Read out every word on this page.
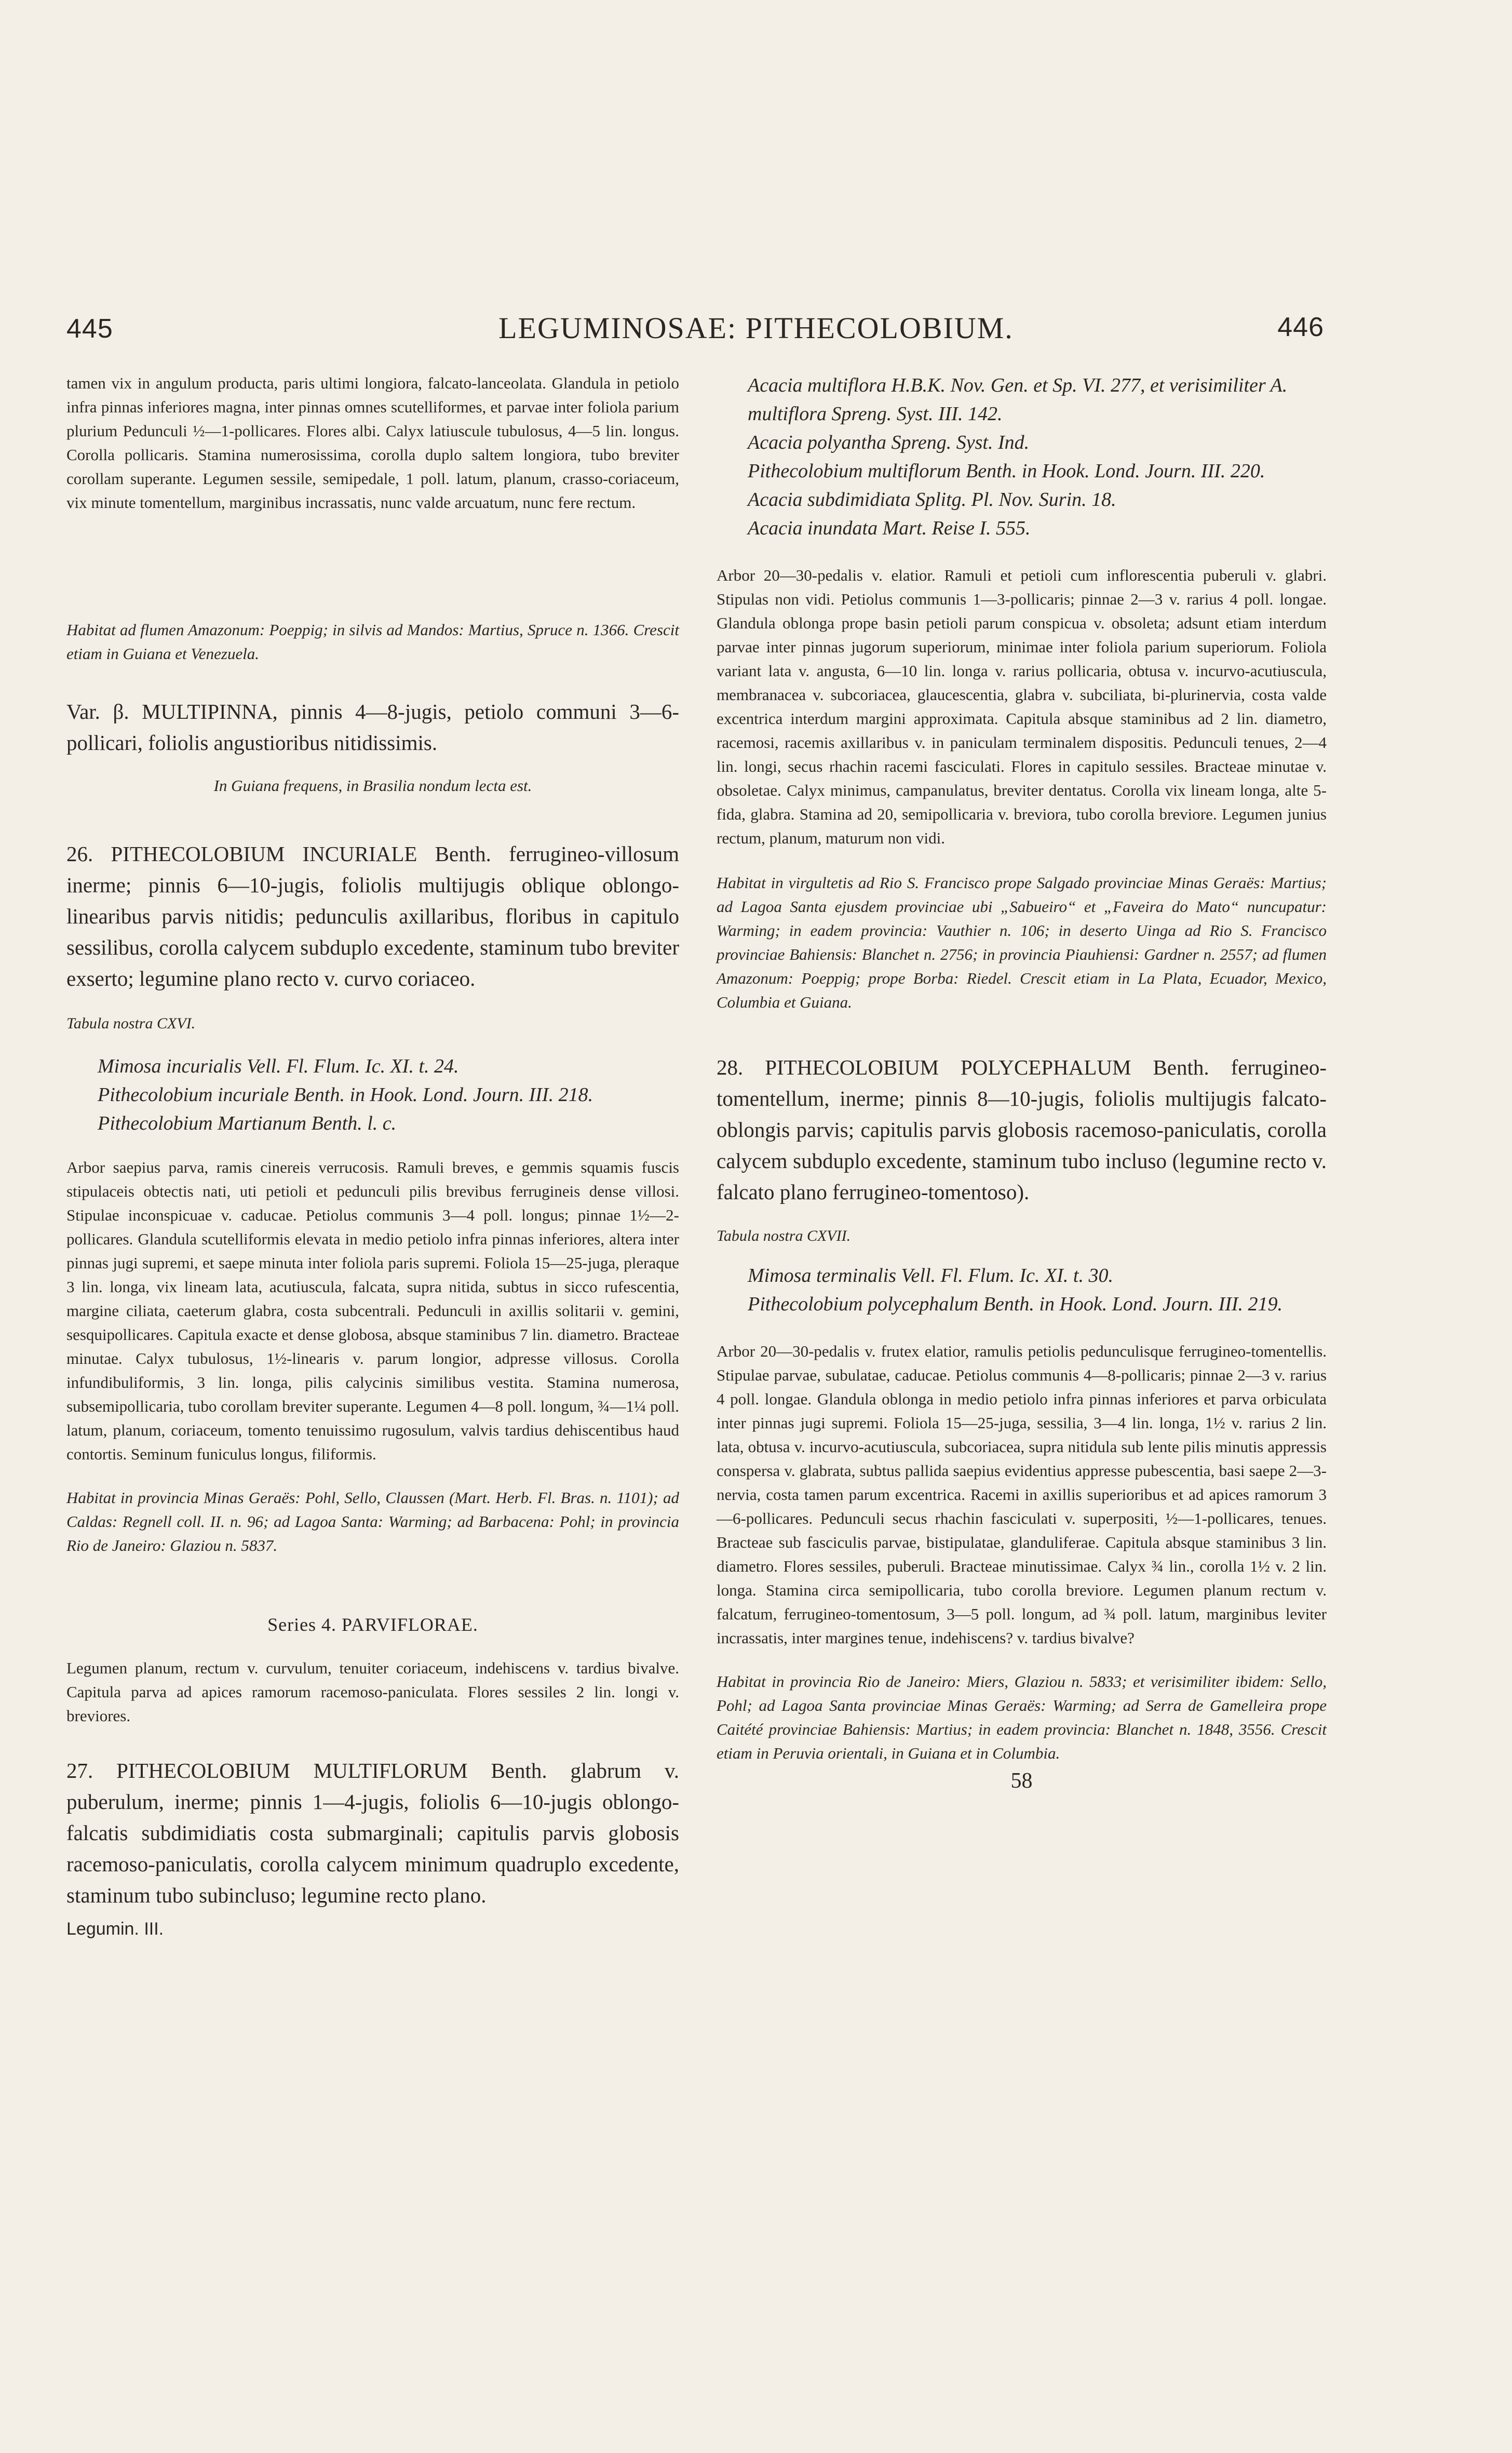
445	LEGUMINOSAE: PITHECOLOBIUM.	446

tamen vix in angulum producta, paris ultimi longiora, falcato-lanceolata. Glandula in petiolo infra pinnas inferiores magna, inter pinnas omnes scutelliformes, et parvae inter foliola parium plurium Pedunculi ½—1-pollicares. Flores albi. Calyx latiuscule tubulosus, 4—5 lin. longus. Corolla pollicaris. Stamina numerosissima, corolla duplo saltem longiora, tubo breviter corollam superante. Legumen sessile, semipedale, 1 poll. latum, planum, crasso-coriaceum, vix minute tomentellum, marginibus incrassatis, nunc valde arcuatum, nunc fere rectum.

Habitat ad flumen Amazonum: Poeppig; in silvis ad Mandos: Martius, Spruce n. 1366. Crescit etiam in Guiana et Venezuela.

Var. β. MULTIPINNA, pinnis 4—8-jugis, petiolo communi 3—6-pollicari, foliolis angustioribus nitidissimis.

In Guiana frequens, in Brasilia nondum lecta est.

26. PITHECOLOBIUM INCURIALE Benth. ferrugineo-villosum inerme; pinnis 6—10-jugis, foliolis multijugis oblique oblongo-linearibus parvis nitidis; pedunculis axillaribus, floribus in capitulo sessilibus, corolla calycem subduplo excedente, staminum tubo breviter exserto; legumine plano recto v. curvo coriaceo.

Tabula nostra CXVI.

Mimosa incurialis Vell. Fl. Flum. Ic. XI. t. 24.

Pithecolobium incuriale Benth. in Hook. Lond. Journ. III. 218.

Pithecolobium Martianum Benth. l. c.

Arbor saepius parva, ramis cinereis verrucosis. Ramuli breves, e gemmis squamis fuscis stipulaceis obtectis nati, uti petioli et pedunculi pilis brevibus ferrugineis dense villosi. Stipulae inconspicuae v. caducae. Petiolus communis 3—4 poll. longus; pinnae 1½—2-pollicares. Glandula scutelliformis elevata in medio petiolo infra pinnas inferiores, altera inter pinnas jugi supremi, et saepe minuta inter foliola paris supremi. Foliola 15—25-juga, pleraque 3 lin. longa, vix lineam lata, acutiuscula, falcata, supra nitida, subtus in sicco rufescentia, margine ciliata, caeterum glabra, costa subcentrali. Pedunculi in axillis solitarii v. gemini, sesquipollicares. Capitula exacte et dense globosa, absque staminibus 7 lin. diametro. Bracteae minutae. Calyx tubulosus, 1½-linearis v. parum longior, adpresse villosus. Corolla infundibuliformis, 3 lin. longa, pilis calycinis similibus vestita. Stamina numerosa, subsemipollicaria, tubo corollam breviter superante. Legumen 4—8 poll. longum, ¾—1¼ poll. latum, planum, coriaceum, tomento tenuissimo rugosulum, valvis tardius dehiscentibus haud contortis. Seminum funiculus longus, filiformis.

Habitat in provincia Minas Geraës: Pohl, Sello, Claussen (Mart. Herb. Fl. Bras. n. 1101); ad Caldas: Regnell coll. II. n. 96; ad Lagoa Santa: Warming; ad Barbacena: Pohl; in provincia Rio de Janeiro: Glaziou n. 5837.

Series 4. PARVIFLORAE.

Legumen planum, rectum v. curvulum, tenuiter coriaceum, indehiscens v. tardius bivalve. Capitula parva ad apices ramorum racemoso-paniculata. Flores sessiles 2 lin. longi v. breviores.

27. PITHECOLOBIUM MULTIFLORUM Benth. glabrum v. puberulum, inerme; pinnis 1—4-jugis, foliolis 6—10-jugis oblongo-falcatis subdimidiatis costa submarginali; capitulis parvis globosis racemoso-paniculatis, corolla calycem minimum quadruplo excedente, staminum tubo subincluso; legumine recto plano.

Legumin. III.

Acacia multiflora H.B.K. Nov. Gen. et Sp. VI. 277, et verisimiliter A. multiflora Spreng. Syst. III. 142.

Acacia polyantha Spreng. Syst. Ind.

Pithecolobium multiflorum Benth. in Hook. Lond. Journ. III. 220.

Acacia subdimidiata Splitg. Pl. Nov. Surin. 18.

Acacia inundata Mart. Reise I. 555.

Arbor 20—30-pedalis v. elatior. Ramuli et petioli cum inflorescentia puberuli v. glabri. Stipulas non vidi. Petiolus communis 1—3-pollicaris; pinnae 2—3 v. rarius 4 poll. longae. Glandula oblonga prope basin petioli parum conspicua v. obsoleta; adsunt etiam interdum parvae inter pinnas jugorum superiorum, minimae inter foliola parium superiorum. Foliola variant lata v. angusta, 6—10 lin. longa v. rarius pollicaria, obtusa v. incurvo-acutiuscula, membranacea v. subcoriacea, glaucescentia, glabra v. subciliata, bi-plurinervia, costa valde excentrica interdum margini approximata. Capitula absque staminibus ad 2 lin. diametro, racemosi, racemis axillaribus v. in paniculam terminalem dispositis. Pedunculi tenues, 2—4 lin. longi, secus rhachin racemi fasciculati. Flores in capitulo sessiles. Bracteae minutae v. obsoletae. Calyx minimus, campanulatus, breviter dentatus. Corolla vix lineam longa, alte 5-fida, glabra. Stamina ad 20, semipollicaria v. breviora, tubo corolla breviore. Legumen junius rectum, planum, maturum non vidi.

Habitat in virgultetis ad Rio S. Francisco prope Salgado provinciae Minas Geraës: Martius; ad Lagoa Santa ejusdem provinciae ubi „Sabueiro“ et „Faveira do Mato“ nuncupatur: Warming; in eadem provincia: Vauthier n. 106; in deserto Uinga ad Rio S. Francisco provinciae Bahiensis: Blanchet n. 2756; in provincia Piauhiensi: Gardner n. 2557; ad flumen Amazonum: Poeppig; prope Borba: Riedel. Crescit etiam in La Plata, Ecuador, Mexico, Columbia et Guiana.

28. PITHECOLOBIUM POLYCEPHALUM Benth. ferrugineo-tomentellum, inerme; pinnis 8—10-jugis, foliolis multijugis falcato-oblongis parvis; capitulis parvis globosis racemoso-paniculatis, corolla calycem subduplo excedente, staminum tubo incluso (legumine recto v. falcato plano ferrugineo-tomentoso).

Tabula nostra CXVII.

Mimosa terminalis Vell. Fl. Flum. Ic. XI. t. 30.

Pithecolobium polycephalum Benth. in Hook. Lond. Journ. III. 219.

Arbor 20—30-pedalis v. frutex elatior, ramulis petiolis pedunculisque ferrugineo-tomentellis. Stipulae parvae, subulatae, caducae. Petiolus communis 4—8-pollicaris; pinnae 2—3 v. rarius 4 poll. longae. Glandula oblonga in medio petiolo infra pinnas inferiores et parva orbiculata inter pinnas jugi supremi. Foliola 15—25-juga, sessilia, 3—4 lin. longa, 1½ v. rarius 2 lin. lata, obtusa v. incurvo-acutiuscula, subcoriacea, supra nitidula sub lente pilis minutis appressis conspersa v. glabrata, subtus pallida saepius evidentius appresse pubescentia, basi saepe 2—3-nervia, costa tamen parum excentrica. Racemi in axillis superioribus et ad apices ramorum 3—6-pollicares. Pedunculi secus rhachin fasciculati v. superpositi, ½—1-pollicares, tenues. Bracteae sub fasciculis parvae, bistipulatae, glanduliferae. Capitula absque staminibus 3 lin. diametro. Flores sessiles, puberuli. Bracteae minutissimae. Calyx ¾ lin., corolla 1½ v. 2 lin. longa. Stamina circa semipollicaria, tubo corolla breviore. Legumen planum rectum v. falcatum, ferrugineo-tomentosum, 3—5 poll. longum, ad ¾ poll. latum, marginibus leviter incrassatis, inter margines tenue, indehiscens? v. tardius bivalve?

Habitat in provincia Rio de Janeiro: Miers, Glaziou n. 5833; et verisimiliter ibidem: Sello, Pohl; ad Lagoa Santa provinciae Minas Geraës: Warming; ad Serra de Gamelleira prope Caitété provinciae Bahiensis: Martius; in eadem provincia: Blanchet n. 1848, 3556. Crescit etiam in Peruvia orientali, in Guiana et in Columbia.

58
